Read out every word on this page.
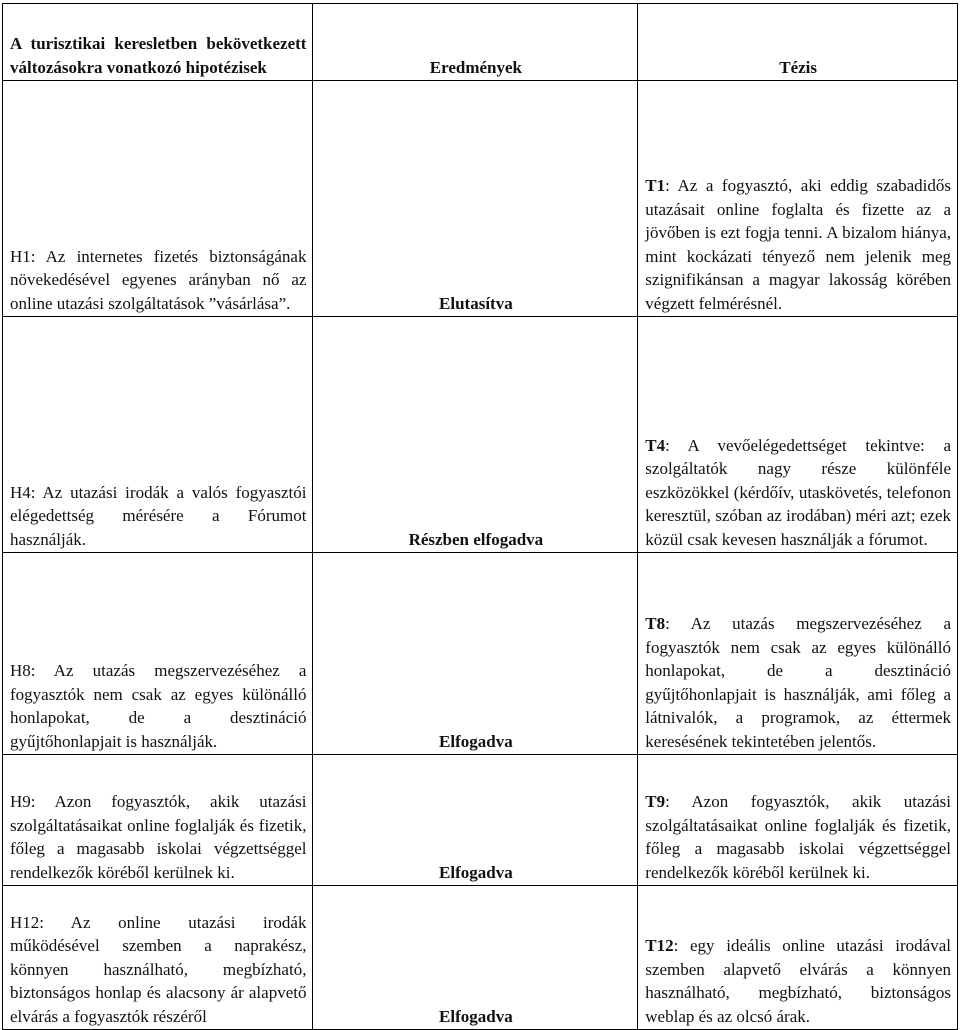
A turisztikai keresletben bekövetkezett változásokra vonatkozó hipotézisek	Eredmények	Tézis
H1: Az internetes fizetés biztonságának növekedésével egyenes arányban nő az online utazási szolgáltatások ”vásárlása”.	Elutasítva	T1: Az a fogyasztó, aki eddig szabadidős utazásait online foglalta és fizette az a jövőben is ezt fogja tenni. A bizalom hiánya, mint kockázati tényező nem jelenik meg szignifikánsan a magyar lakosság körében végzett felmérésnél.
H4: Az utazási irodák a valós fogyasztói elégedettség mérésére a Fórumot használják.	Részben elfogadva	T4: A vevőelégedettséget tekintve: a szolgáltatók nagy része különféle eszközökkel (kérdőív, utaskövetés, telefonon keresztül, szóban az irodában) méri azt; ezek közül csak kevesen használják a fórumot.
H8: Az utazás megszervezéséhez a fogyasztók nem csak az egyes különálló honlapokat, de a desztináció gyűjtőhonlapjait is használják.	Elfogadva	T8: Az utazás megszervezéséhez a fogyasztók nem csak az egyes különálló honlapokat, de a desztináció gyűjtőhonlapjait is használják, ami főleg a látnivalók, a programok, az éttermek keresésének tekintetében jelentős.
H9: Azon fogyasztók, akik utazási szolgáltatásaikat online foglalják és fizetik, főleg a magasabb iskolai végzettséggel rendelkezők köréből kerülnek ki.	Elfogadva	T9: Azon fogyasztók, akik utazási szolgáltatásaikat online foglalják és fizetik, főleg a magasabb iskolai végzettséggel rendelkezők köréből kerülnek ki.
H12: Az online utazási irodák működésével szemben a naprakész, könnyen használható, megbízható, biztonságos honlap és alacsony ár alapvető elvárás a fogyasztók részéről	Elfogadva	T12: egy ideális online utazási irodával szemben alapvető elvárás a könnyen használható, megbízható, biztonságos weblap és az olcsó árak.
